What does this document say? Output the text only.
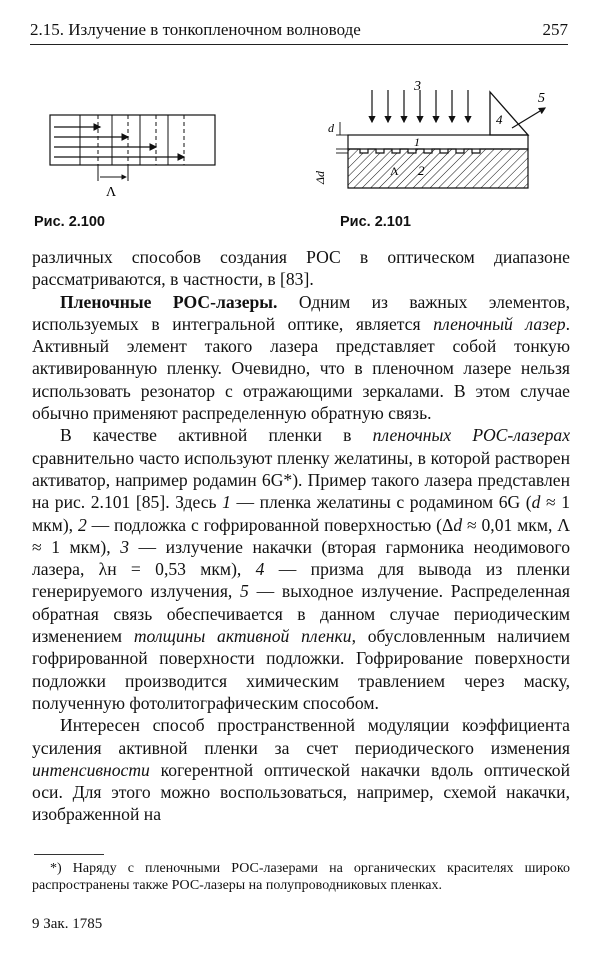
2.15. Излучение в тонкопленочном волноводе	257
Λ
Рис. 2.100
3
4
5
1
2
Λ
d
Δd
Рис. 2.101

различных способов создания РОС в оптическом диапазоне рассматриваются, в частности, в [83].

Пленочные РОС-лазеры. Одним из важных элементов, используемых в интегральной оптике, является пленочный лазер. Активный элемент такого лазера представляет собой тонкую активированную пленку. Очевидно, что в пленочном лазере нельзя использовать резонатор с отражающими зеркалами. В этом случае обычно применяют распределенную обратную связь.

В качестве активной пленки в пленочных РОС-лазерах сравнительно часто используют пленку желатины, в которой растворен активатор, например родамин 6G*). Пример такого лазера представлен на рис. 2.101 [85]. Здесь 1 — пленка желатины с родамином 6G (d ≈ 1 мкм), 2 — подложка с гофрированной поверхностью (Δd ≈ 0,01 мкм, Λ ≈ 1 мкм), 3 — излучение накачки (вторая гармоника неодимового лазера, λн = 0,53 мкм), 4 — призма для вывода из пленки генерируемого излучения, 5 — выходное излучение. Распределенная обратная связь обеспечивается в данном случае периодическим изменением толщины активной пленки, обусловленным наличием гофрированной поверхности подложки. Гофрирование поверхности подложки производится химическим травлением через маску, полученную фотолитографическим способом.

Интересен способ пространственной модуляции коэффициента усиления активной пленки за счет периодического изменения интенсивности когерентной оптической накачки вдоль оптической оси. Для этого можно воспользоваться, например, схемой накачки, изображенной на

*) Наряду с пленочными РОС-лазерами на органических красителях широко распространены также РОС-лазеры на полупроводниковых пленках.

9 Зак. 1785
